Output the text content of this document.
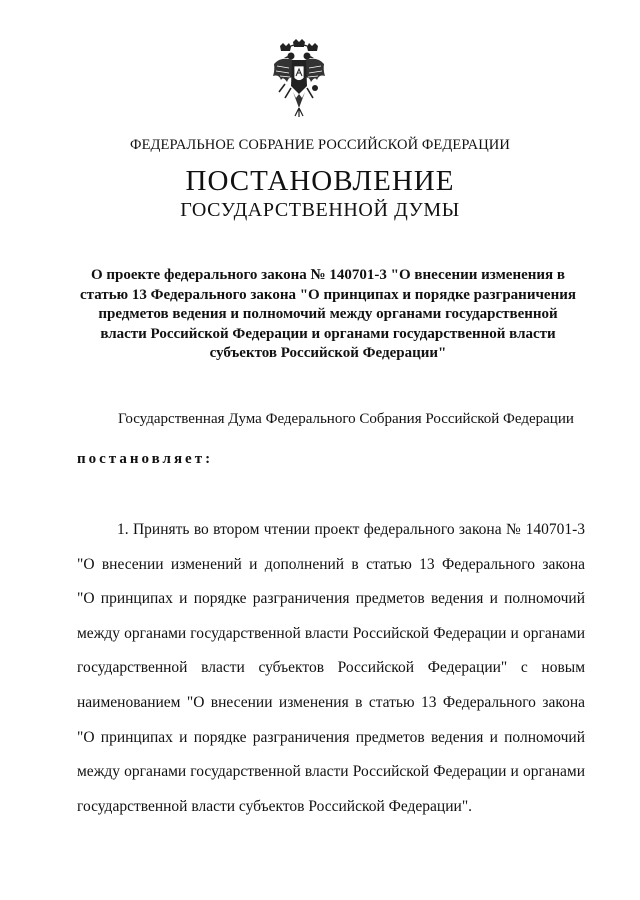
ФЕДЕРАЛЬНОЕ СОБРАНИЕ РОССИЙСКОЙ ФЕДЕРАЦИИ
ПОСТАНОВЛЕНИЕ
ГОСУДАРСТВЕННОЙ ДУМЫ
О проекте федерального закона № 140701-3 "О внесении изменения в
статью 13 Федерального закона "О принципах и порядке разграничения
предметов ведения и полномочий между органами государственной
власти Российской Федерации и органами государственной власти
субъектов Российской Федерации"
Государственная Дума Федерального Собрания Российской Федерации
постановляет:
1. Принять во втором чтении проект федерального закона № 140701-3
"О внесении изменений и дополнений в статью 13 Федерального закона
"О принципах и порядке разграничения предметов ведения и полномочий
между органами государственной власти Российской Федерации и органами
государственной власти субъектов Российской Федерации" с новым
наименованием "О внесении изменения в статью 13 Федерального закона
"О принципах и порядке разграничения предметов ведения и полномочий
между органами государственной власти Российской Федерации и органами
государственной власти субъектов Российской Федерации".
